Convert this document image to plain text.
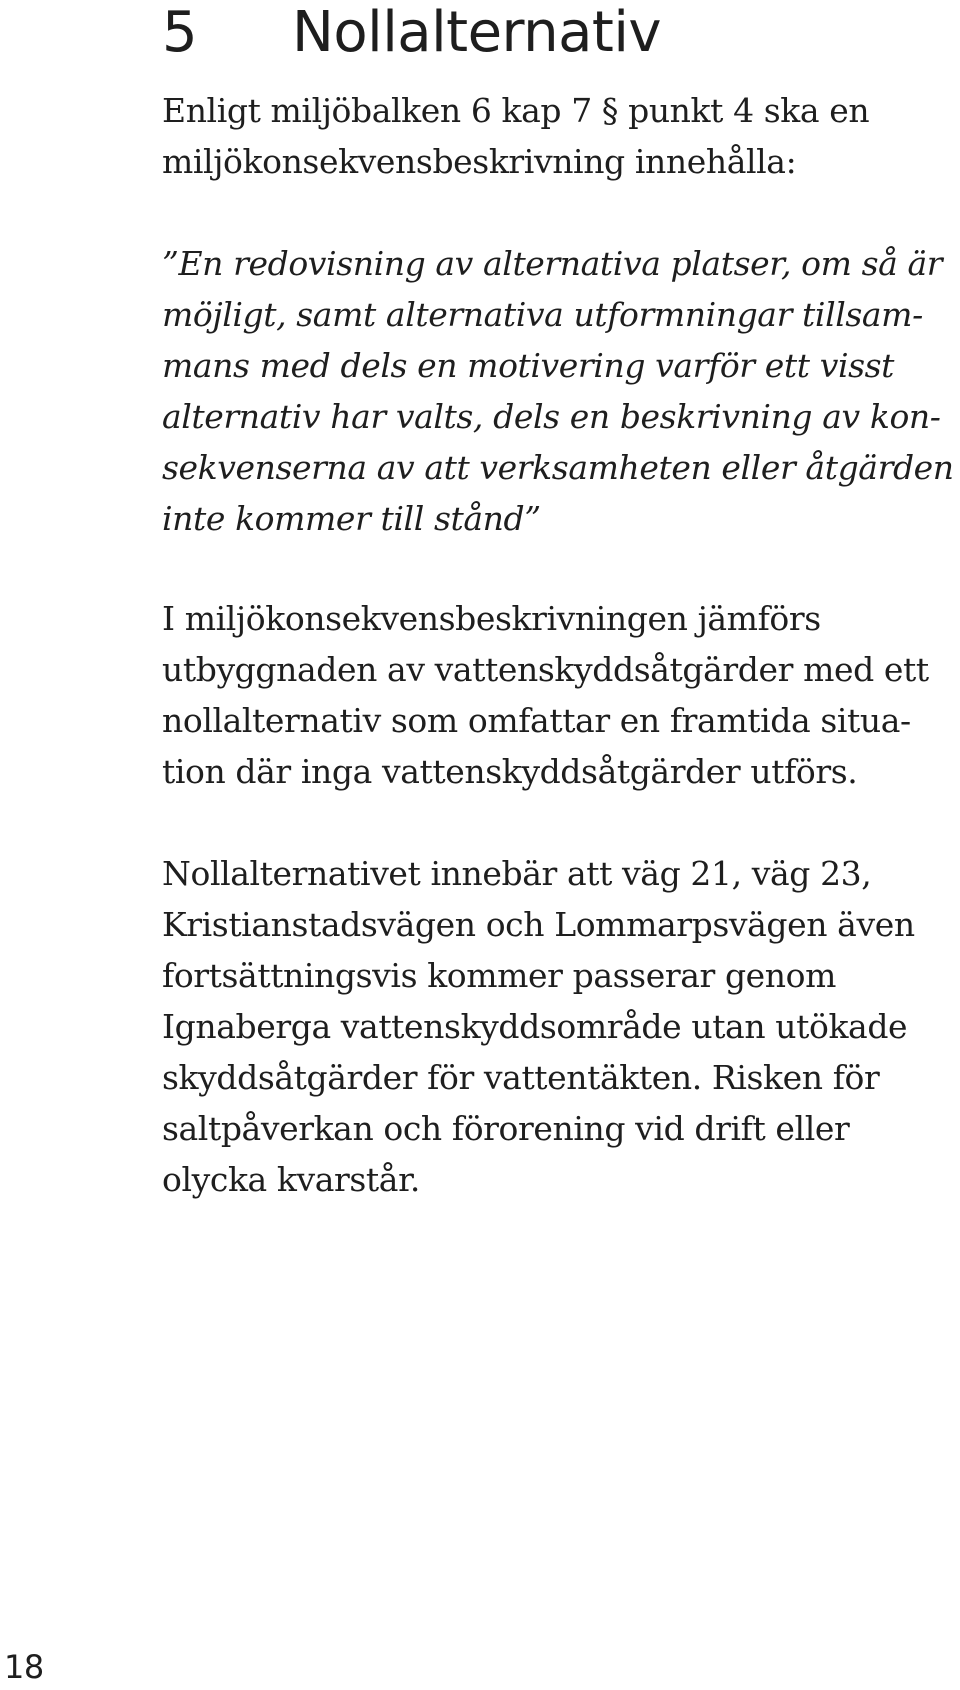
5 Nollalternativ

Enligt miljöbalken 6 kap 7 § punkt 4 ska en
miljökonsekvensbeskrivning innehålla:

”En redovisning av alternativa platser, om så är
möjligt, samt alternativa utformningar tillsam-
mans med dels en motivering varför ett visst
alternativ har valts, dels en beskrivning av kon-
sekvenserna av att verksamheten eller åtgärden
inte kommer till stånd”

I miljökonsekvensbeskrivningen jämförs
utbyggnaden av vattenskyddsåtgärder med ett
nollalternativ som omfattar en framtida situa-
tion där inga vattenskyddsåtgärder utförs.

Nollalternativet innebär att väg 21, väg 23,
Kristianstadsvägen och Lommarpsvägen även
fortsättningsvis kommer passerar genom
Ignaberga vattenskyddsområde utan utökade
skyddsåtgärder för vattentäkten. Risken för
saltpåverkan och förorening vid drift eller
olycka kvarstår.

18
